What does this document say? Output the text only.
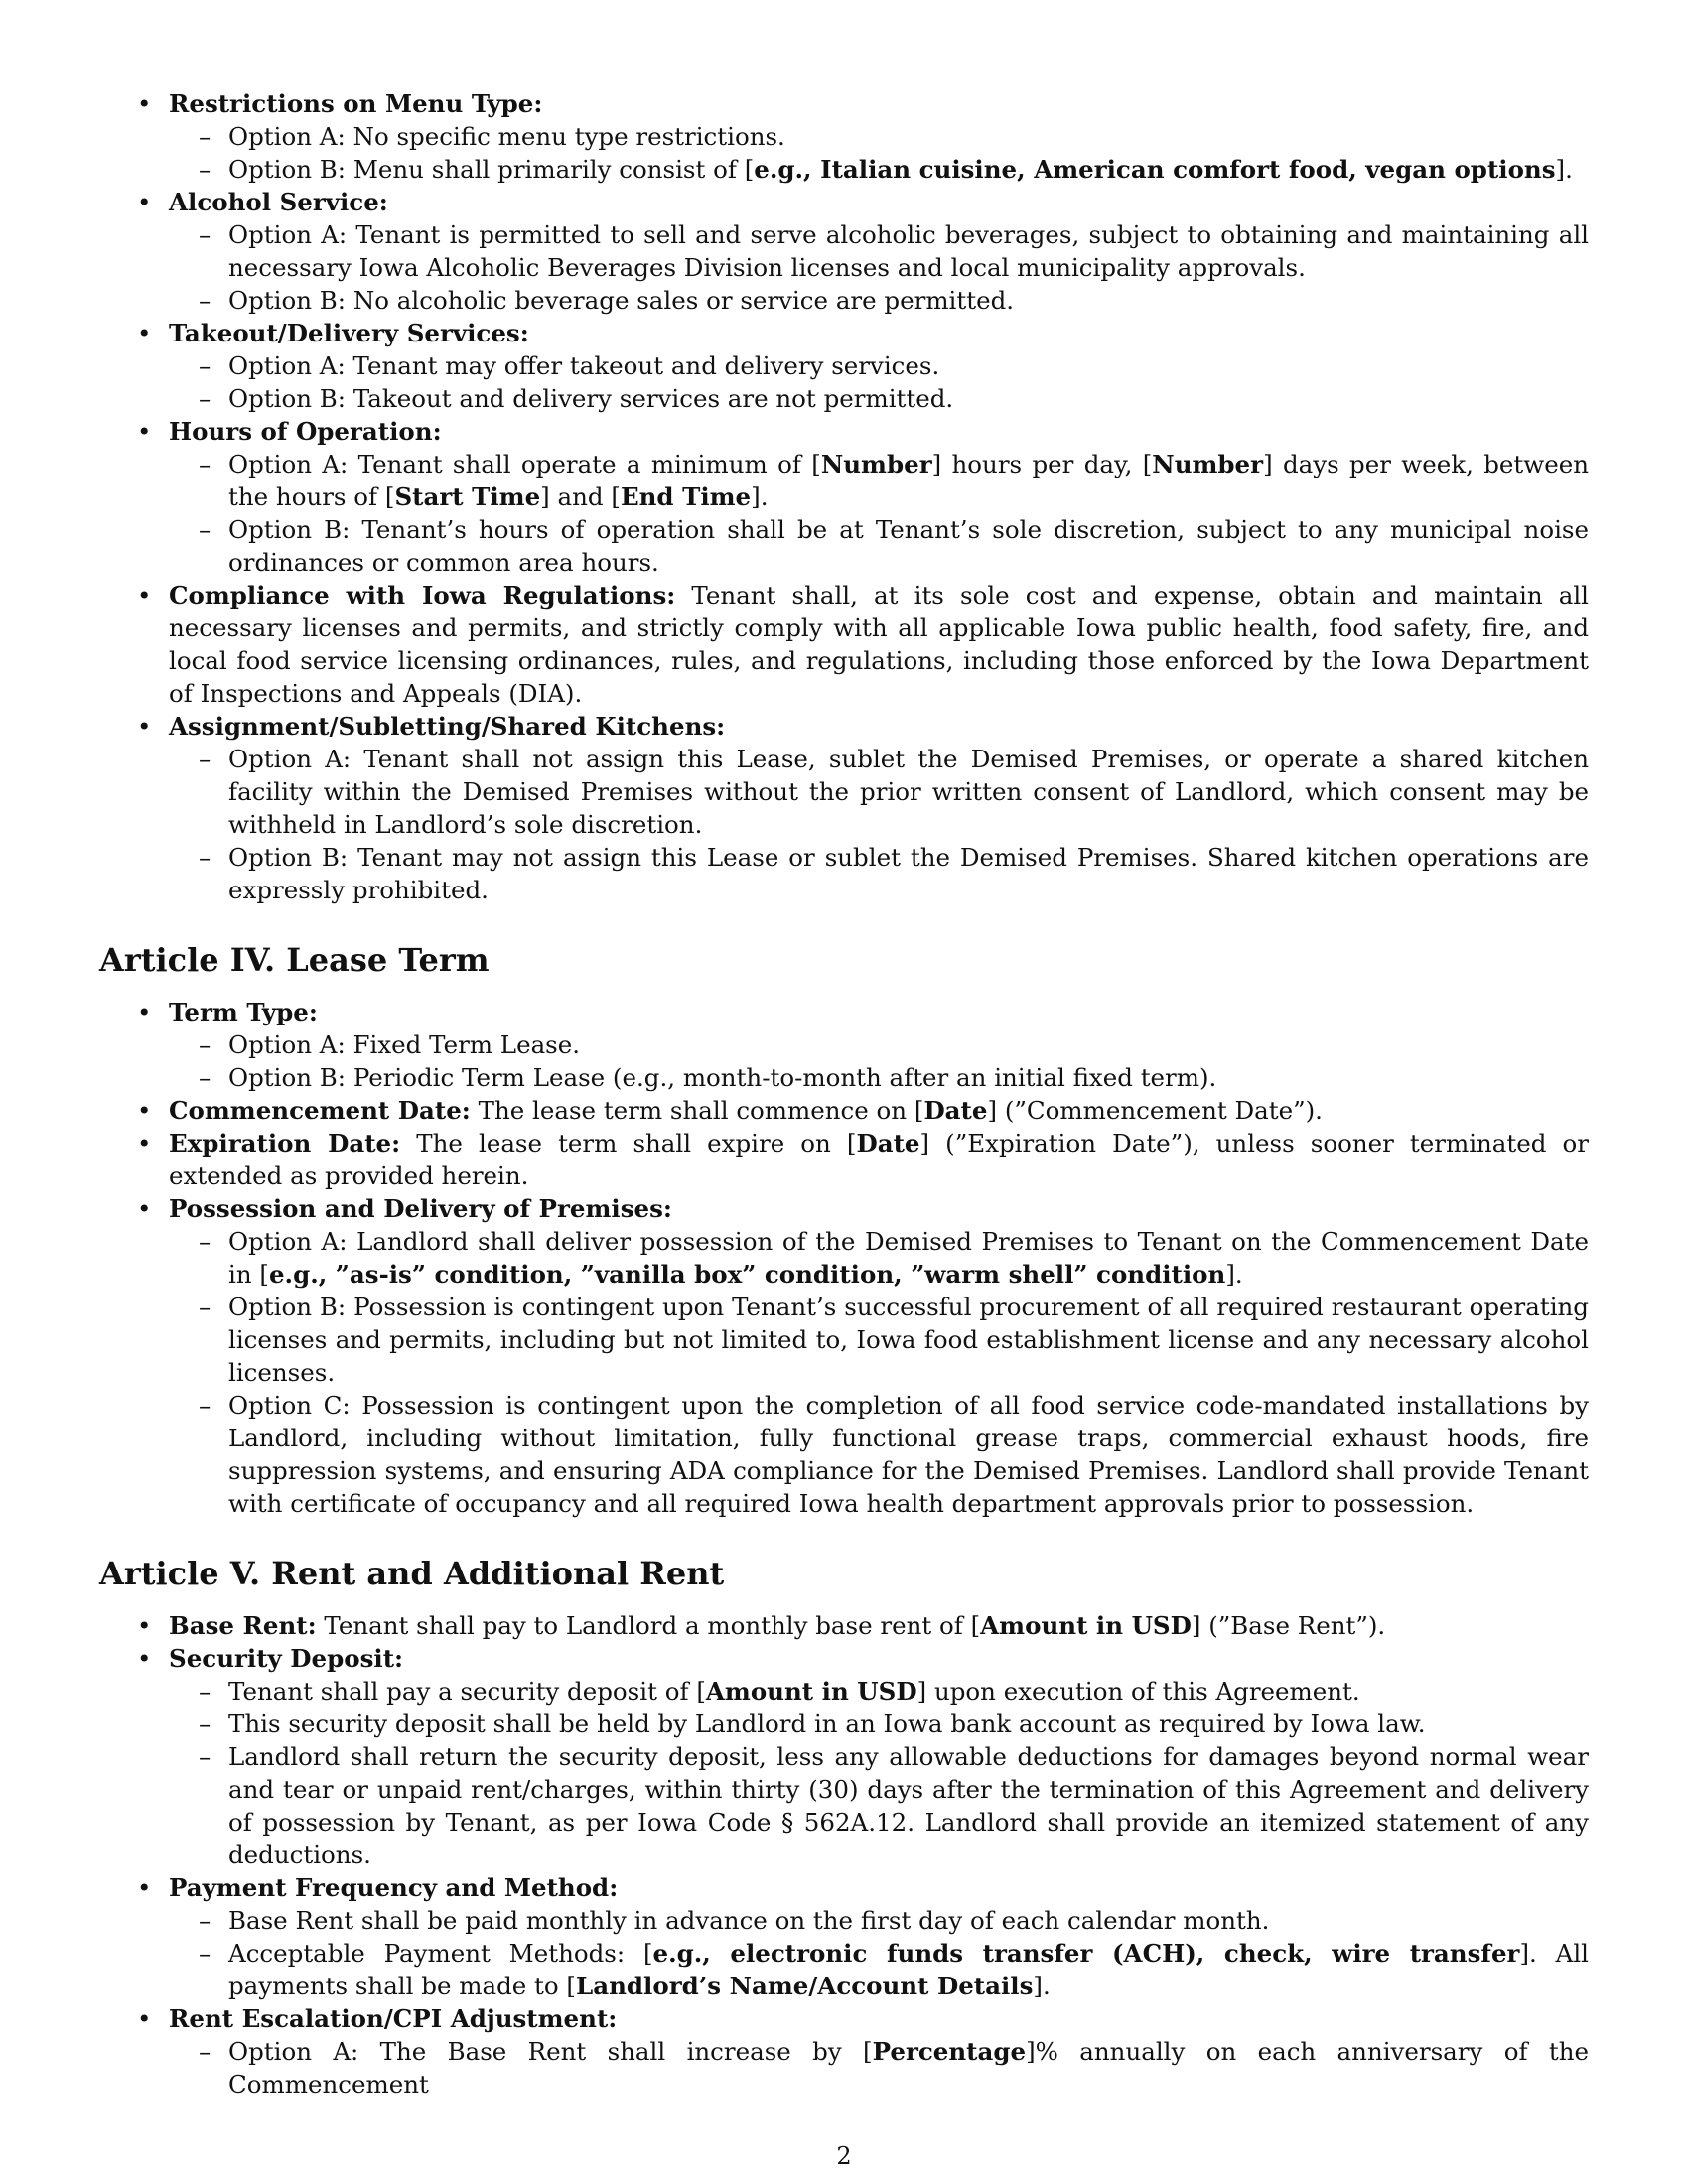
• Restrictions on Menu Type:
– Option A: No specific menu type restrictions.
– Option B: Menu shall primarily consist of [e.g., Italian cuisine, American comfort food, vegan options].
• Alcohol Service:
– Option A: Tenant is permitted to sell and serve alcoholic beverages, subject to obtaining and maintaining all necessary Iowa Alcoholic Beverages Division licenses and local municipality approvals.
– Option B: No alcoholic beverage sales or service are permitted.
• Takeout/Delivery Services:
– Option A: Tenant may offer takeout and delivery services.
– Option B: Takeout and delivery services are not permitted.
• Hours of Operation:
– Option A: Tenant shall operate a minimum of [Number] hours per day, [Number] days per week, between the hours of [Start Time] and [End Time].
– Option B: Tenant’s hours of operation shall be at Tenant’s sole discretion, subject to any municipal noise ordinances or common area hours.
• Compliance with Iowa Regulations: Tenant shall, at its sole cost and expense, obtain and maintain all necessary licenses and permits, and strictly comply with all applicable Iowa public health, food safety, fire, and local food service licensing ordinances, rules, and regulations, including those enforced by the Iowa Department of Inspections and Appeals (DIA).
• Assignment/Subletting/Shared Kitchens:
– Option A: Tenant shall not assign this Lease, sublet the Demised Premises, or operate a shared kitchen facility within the Demised Premises without the prior written consent of Landlord, which consent may be withheld in Landlord’s sole discretion.
– Option B: Tenant may not assign this Lease or sublet the Demised Premises. Shared kitchen operations are expressly prohibited.
Article IV. Lease Term
• Term Type:
– Option A: Fixed Term Lease.
– Option B: Periodic Term Lease (e.g., month-to-month after an initial fixed term).
• Commencement Date: The lease term shall commence on [Date] (”Commencement Date”).
• Expiration Date: The lease term shall expire on [Date] (”Expiration Date”), unless sooner terminated or extended as provided herein.
• Possession and Delivery of Premises:
– Option A: Landlord shall deliver possession of the Demised Premises to Tenant on the Commencement Date in [e.g., ”as-is” condition, ”vanilla box” condition, ”warm shell” condition].
– Option B: Possession is contingent upon Tenant’s successful procurement of all required restaurant operating licenses and permits, including but not limited to, Iowa food establishment license and any necessary alcohol licenses.
– Option C: Possession is contingent upon the completion of all food service code-mandated installations by Landlord, including without limitation, fully functional grease traps, commercial exhaust hoods, fire suppression systems, and ensuring ADA compliance for the Demised Premises. Landlord shall provide Tenant with certificate of occupancy and all required Iowa health department approvals prior to possession.
Article V. Rent and Additional Rent
• Base Rent: Tenant shall pay to Landlord a monthly base rent of [Amount in USD] (”Base Rent”).
• Security Deposit:
– Tenant shall pay a security deposit of [Amount in USD] upon execution of this Agreement.
– This security deposit shall be held by Landlord in an Iowa bank account as required by Iowa law.
– Landlord shall return the security deposit, less any allowable deductions for damages beyond normal wear and tear or unpaid rent/charges, within thirty (30) days after the termination of this Agreement and delivery of possession by Tenant, as per Iowa Code § 562A.12. Landlord shall provide an itemized statement of any deductions.
• Payment Frequency and Method:
– Base Rent shall be paid monthly in advance on the first day of each calendar month.
– Acceptable Payment Methods: [e.g., electronic funds transfer (ACH), check, wire transfer]. All payments shall be made to [Landlord’s Name/Account Details].
• Rent Escalation/CPI Adjustment:
– Option A: The Base Rent shall increase by [Percentage]% annually on each anniversary of the Commencement
2
